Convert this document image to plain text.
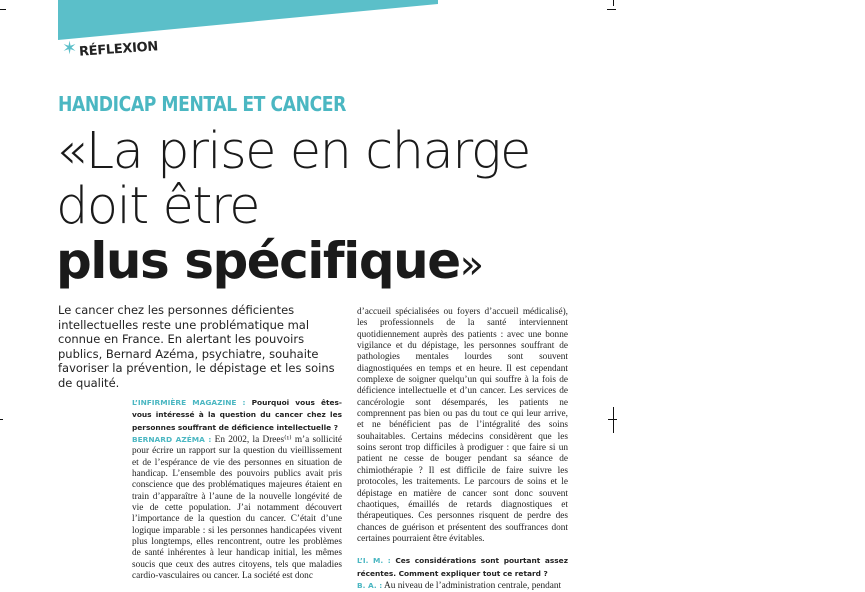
✶ RÉFLEXION
HANDICAP MENTAL ET CANCER
«La prise en charge
doit être
plus spécifique»
Le cancer chez les personnes déficientes intellectuelles reste une problématique mal connue en France. En alertant les pouvoirs publics, Bernard Azéma, psychiatre, souhaite favoriser la prévention, le dépistage et les soins de qualité.
L’INFIRMIÈRE MAGAZINE : Pourquoi vous êtes-vous intéressé à la question du cancer chez les personnes souffrant de déficience intellectuelle ?
BERNARD AZÉMA : En 2002, la Drees⁽¹⁾ m’a sollicité pour écrire un rapport sur la question du vieillissement et de l’espérance de vie des personnes en situation de handicap. L’ensemble des pouvoirs publics avait pris conscience que des problématiques majeures étaient en train d’apparaître à l’aune de la nouvelle longévité de vie de cette population. J’ai notamment découvert l’importance de la question du cancer. C’était d’une logique imparable : si les personnes handicapées vivent plus longtemps, elles rencontrent, outre les problèmes de santé inhérentes à leur handicap initial, les mêmes soucis que ceux des autres citoyens, tels que maladies cardio-vasculaires ou cancer. La société est donc
d’accueil spécialisées ou foyers d’accueil médicalisé), les professionnels de la santé interviennent quotidiennement auprès des patients : avec une bonne vigilance et du dépistage, les personnes souffrant de pathologies mentales lourdes sont souvent diagnostiquées en temps et en heure. Il est cependant complexe de soigner quelqu’un qui souffre à la fois de déficience intellectuelle et d’un cancer. Les services de cancérologie sont désemparés, les patients ne comprennent pas bien ou pas du tout ce qui leur arrive, et ne bénéficient pas de l’intégralité des soins souhaitables. Certains médecins considèrent que les soins seront trop difficiles à prodiguer : que faire si un patient ne cesse de bouger pendant sa séance de chimiothérapie ? Il est difficile de faire suivre les protocoles, les traitements. Le parcours de soins et le dépistage en matière de cancer sont donc souvent chaotiques, émaillés de retards diagnostiques et thérapeutiques. Ces personnes risquent de perdre des chances de guérison et présentent des souffrances dont certaines pourraient être évitables.
L’I. M. : Ces considérations sont pourtant assez récentes. Comment expliquer tout ce retard ?
B. A. : Au niveau de l’administration centrale, pendant
